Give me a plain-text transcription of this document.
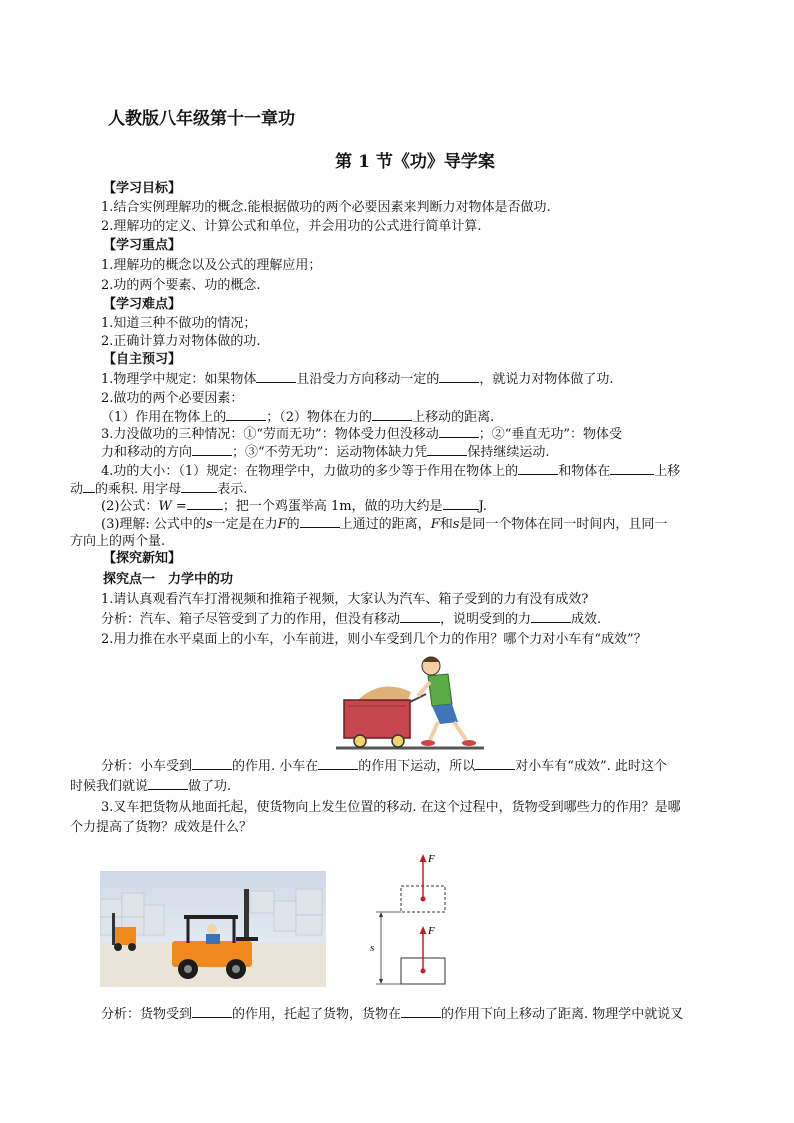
人教版八年级第十一章功
第 1 节《功》导学案
【学习目标】
1.结合实例理解功的概念.能根据做功的两个必要因素来判断力对物体是否做功.
2.理解功的定义、计算公式和单位，并会用功的公式进行简单计算.
【学习重点】
1.理解功的概念以及公式的理解应用；
2.功的两个要素、功的概念.
【学习难点】
1.知道三种不做功的情况；
2.正确计算力对物体做的功.
【自主预习】
1.物理学中规定：如果物体	且沿受力方向移动一定的	，就说力对物体做了功.
2.做功的两个必要因素：
（1）作用在物体上的	；（2）物体在力的	上移动的距离.
3.力没做功的三种情况：①“劳而无功”：物体受力但没移动	；②“垂直无功”：物体受
力和移动的方向	；③“不劳无功”：运动物体缺力凭	保持继续运动.
4.功的大小：（1）规定：在物理学中，力做功的多少等于作用在物体上的	和物体在	上移
动 的乘积. 用字母	表示.
(2)公式：W =	；把一个鸡蛋举高 1m，做的功大约是	J.
(3)理解: 公式中的s一定是在力F的	上通过的距离，F和s是同一个物体在同一时间内，且同一
方向上的两个量.
【探究新知】
探究点一　力学中的功
1.请认真观看汽车打滑视频和推箱子视频，大家认为汽车、箱子受到的力有没有成效?
分析：汽车、箱子尽管受到了力的作用，但没有移动	，说明受到的力	成效.
2.用力推在水平桌面上的小车，小车前进，则小车受到几个力的作用？哪个力对小车有“成效”？
分析：小车受到	的作用. 小车在	的作用下运动，所以	对小车有“成效”. 此时这个
时候我们就说	做了功.
3.叉车把货物从地面托起，使货物向上发生位置的移动. 在这个过程中，货物受到哪些力的作用？是哪
个力提高了货物？成效是什么？
F
F
s
分析：货物受到	的作用，托起了货物，货物在	的作用下向上移动了距离. 物理学中就说叉
